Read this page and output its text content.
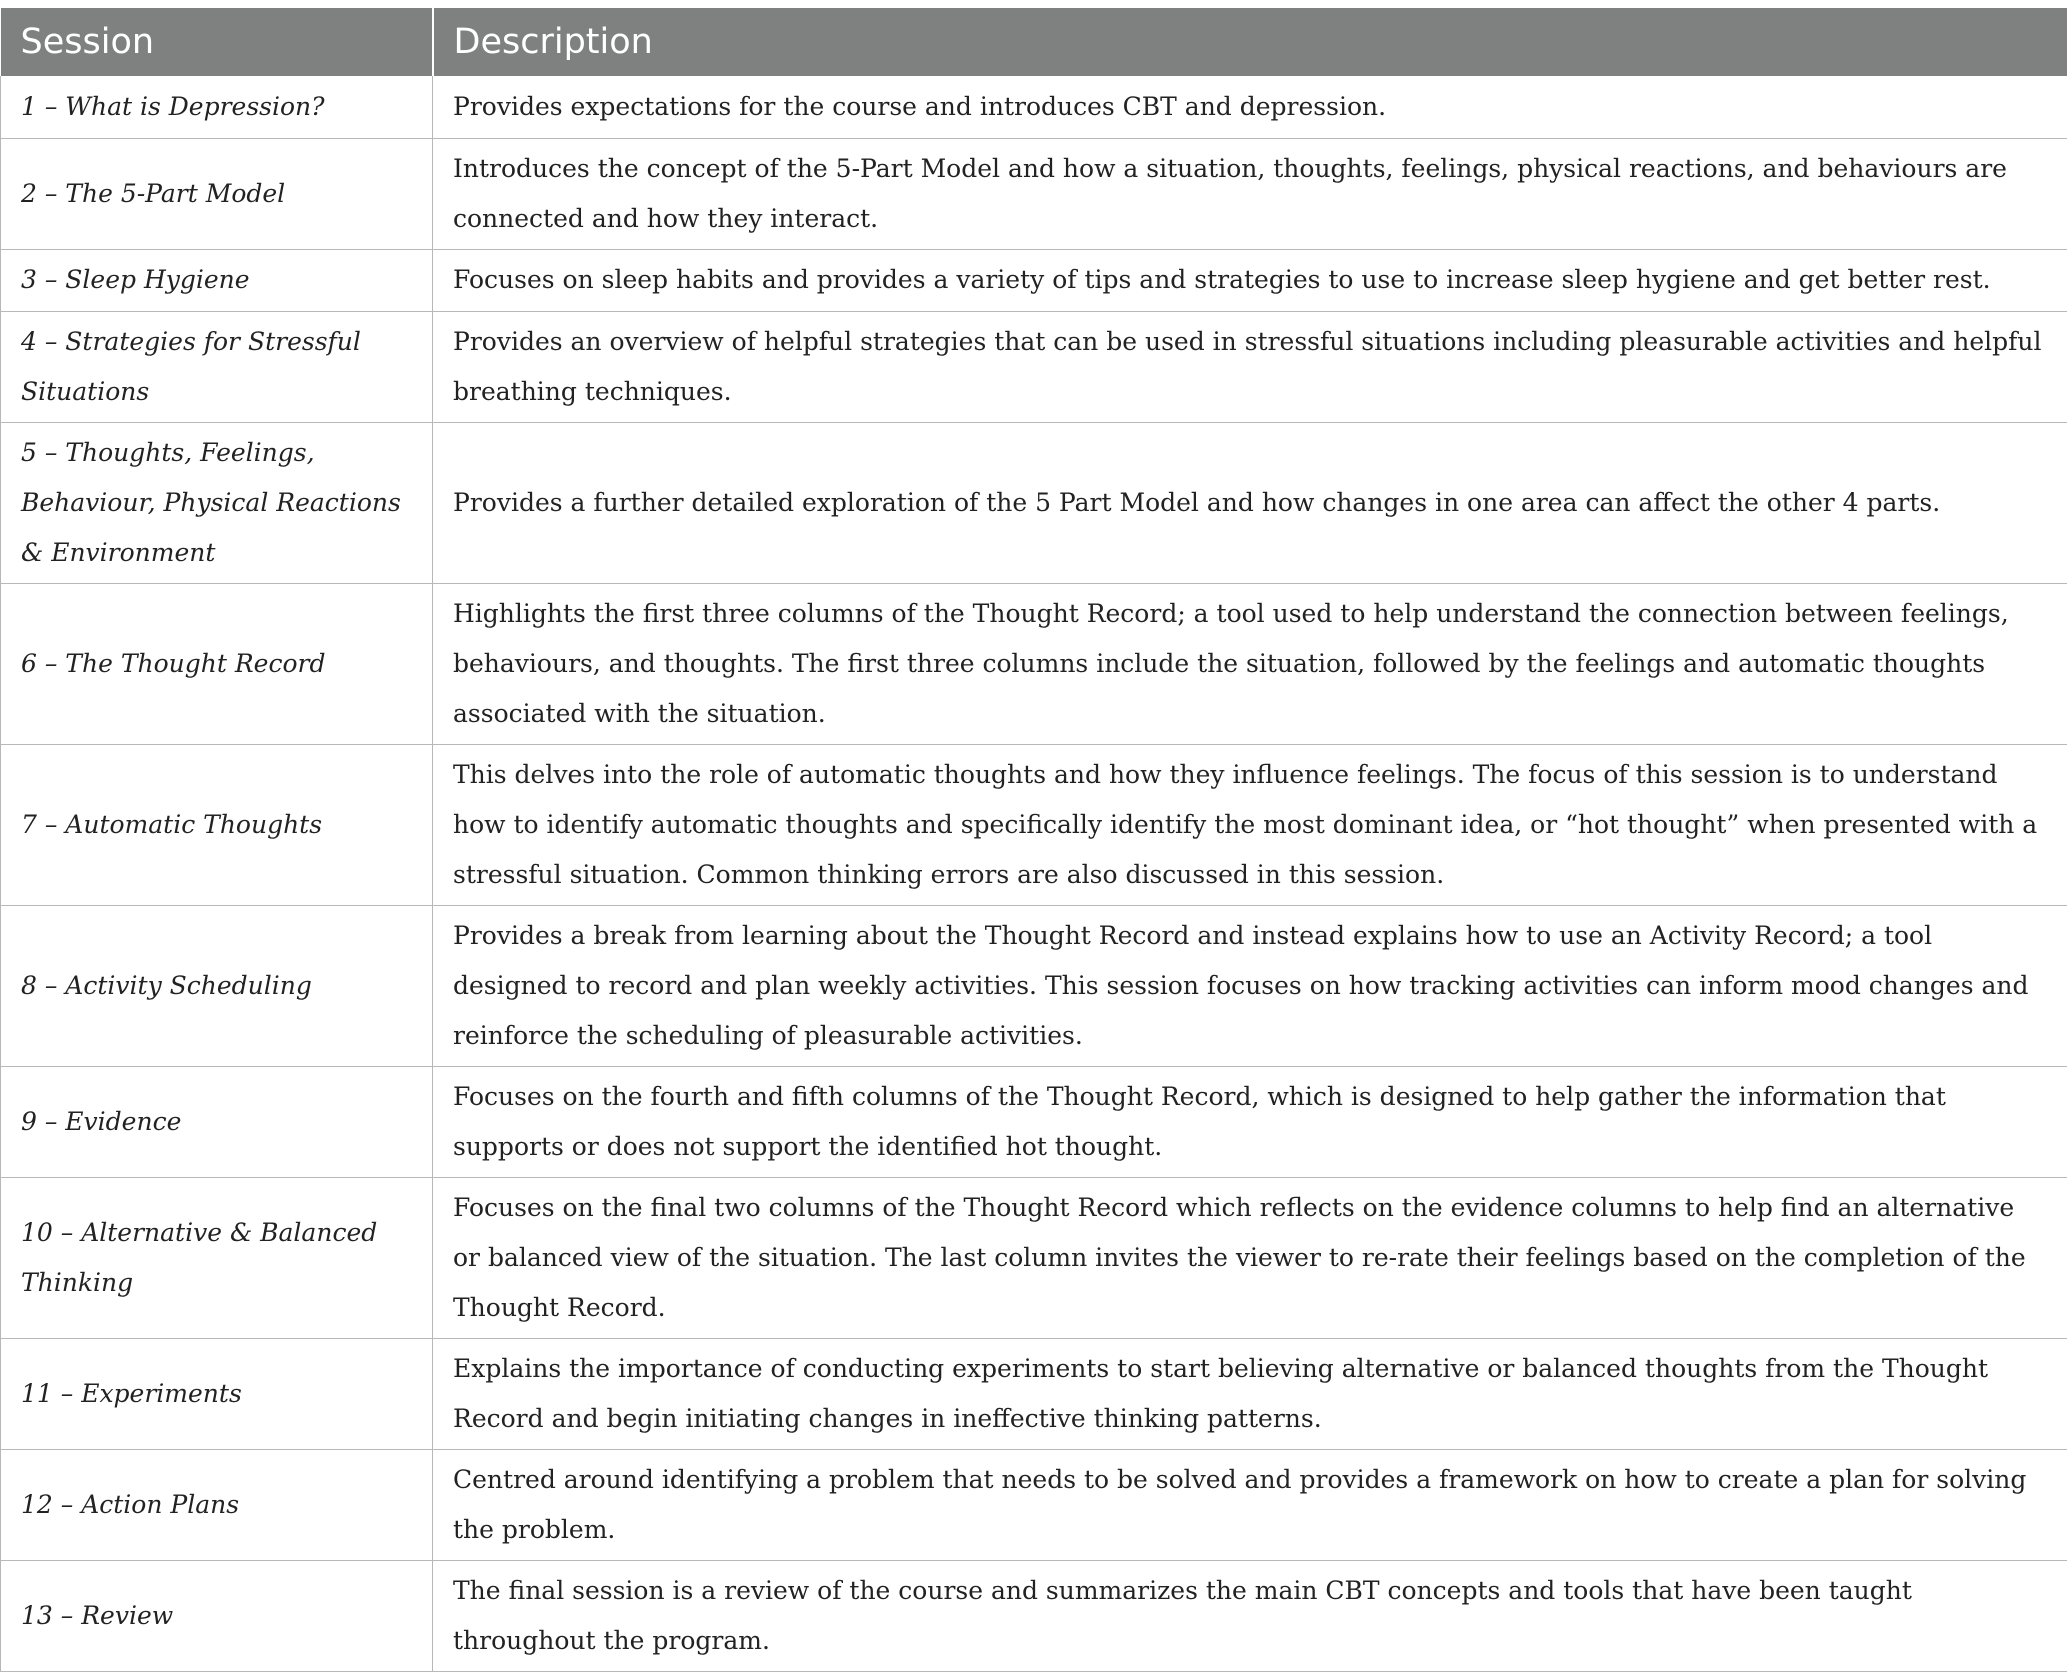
Session	Description
1 – What is Depression?	Provides expectations for the course and introduces CBT and depression.
2 – The 5-Part Model	Introduces the concept of the 5-Part Model and how a situation, thoughts, feelings, physical reactions, and behaviours are connected and how they interact.
3 – Sleep Hygiene	Focuses on sleep habits and provides a variety of tips and strategies to use to increase sleep hygiene and get better rest.
4 – Strategies for Stressful Situations	Provides an overview of helpful strategies that can be used in stressful situations including pleasurable activities and helpful breathing techniques.
5 – Thoughts, Feelings, Behaviour, Physical Reactions & Environment	Provides a further detailed exploration of the 5 Part Model and how changes in one area can affect the other 4 parts.
6 – The Thought Record	Highlights the first three columns of the Thought Record; a tool used to help understand the connection between feelings, behaviours, and thoughts. The first three columns include the situation, followed by the feelings and automatic thoughts associated with the situation.
7 – Automatic Thoughts	This delves into the role of automatic thoughts and how they influence feelings. The focus of this session is to understand how to identify automatic thoughts and specifically identify the most dominant idea, or “hot thought” when presented with a stressful situation. Common thinking errors are also discussed in this session.
8 – Activity Scheduling	Provides a break from learning about the Thought Record and instead explains how to use an Activity Record; a tool designed to record and plan weekly activities. This session focuses on how tracking activities can inform mood changes and reinforce the scheduling of pleasurable activities.
9 – Evidence	Focuses on the fourth and fifth columns of the Thought Record, which is designed to help gather the information that supports or does not support the identified hot thought.
10 – Alternative & Balanced Thinking	Focuses on the final two columns of the Thought Record which reflects on the evidence columns to help find an alternative or balanced view of the situation. The last column invites the viewer to re-rate their feelings based on the completion of the Thought Record.
11 – Experiments	Explains the importance of conducting experiments to start believing alternative or balanced thoughts from the Thought Record and begin initiating changes in ineffective thinking patterns.
12 – Action Plans	Centred around identifying a problem that needs to be solved and provides a framework on how to create a plan for solving the problem.
13 – Review	The final session is a review of the course and summarizes the main CBT concepts and tools that have been taught throughout the program.
